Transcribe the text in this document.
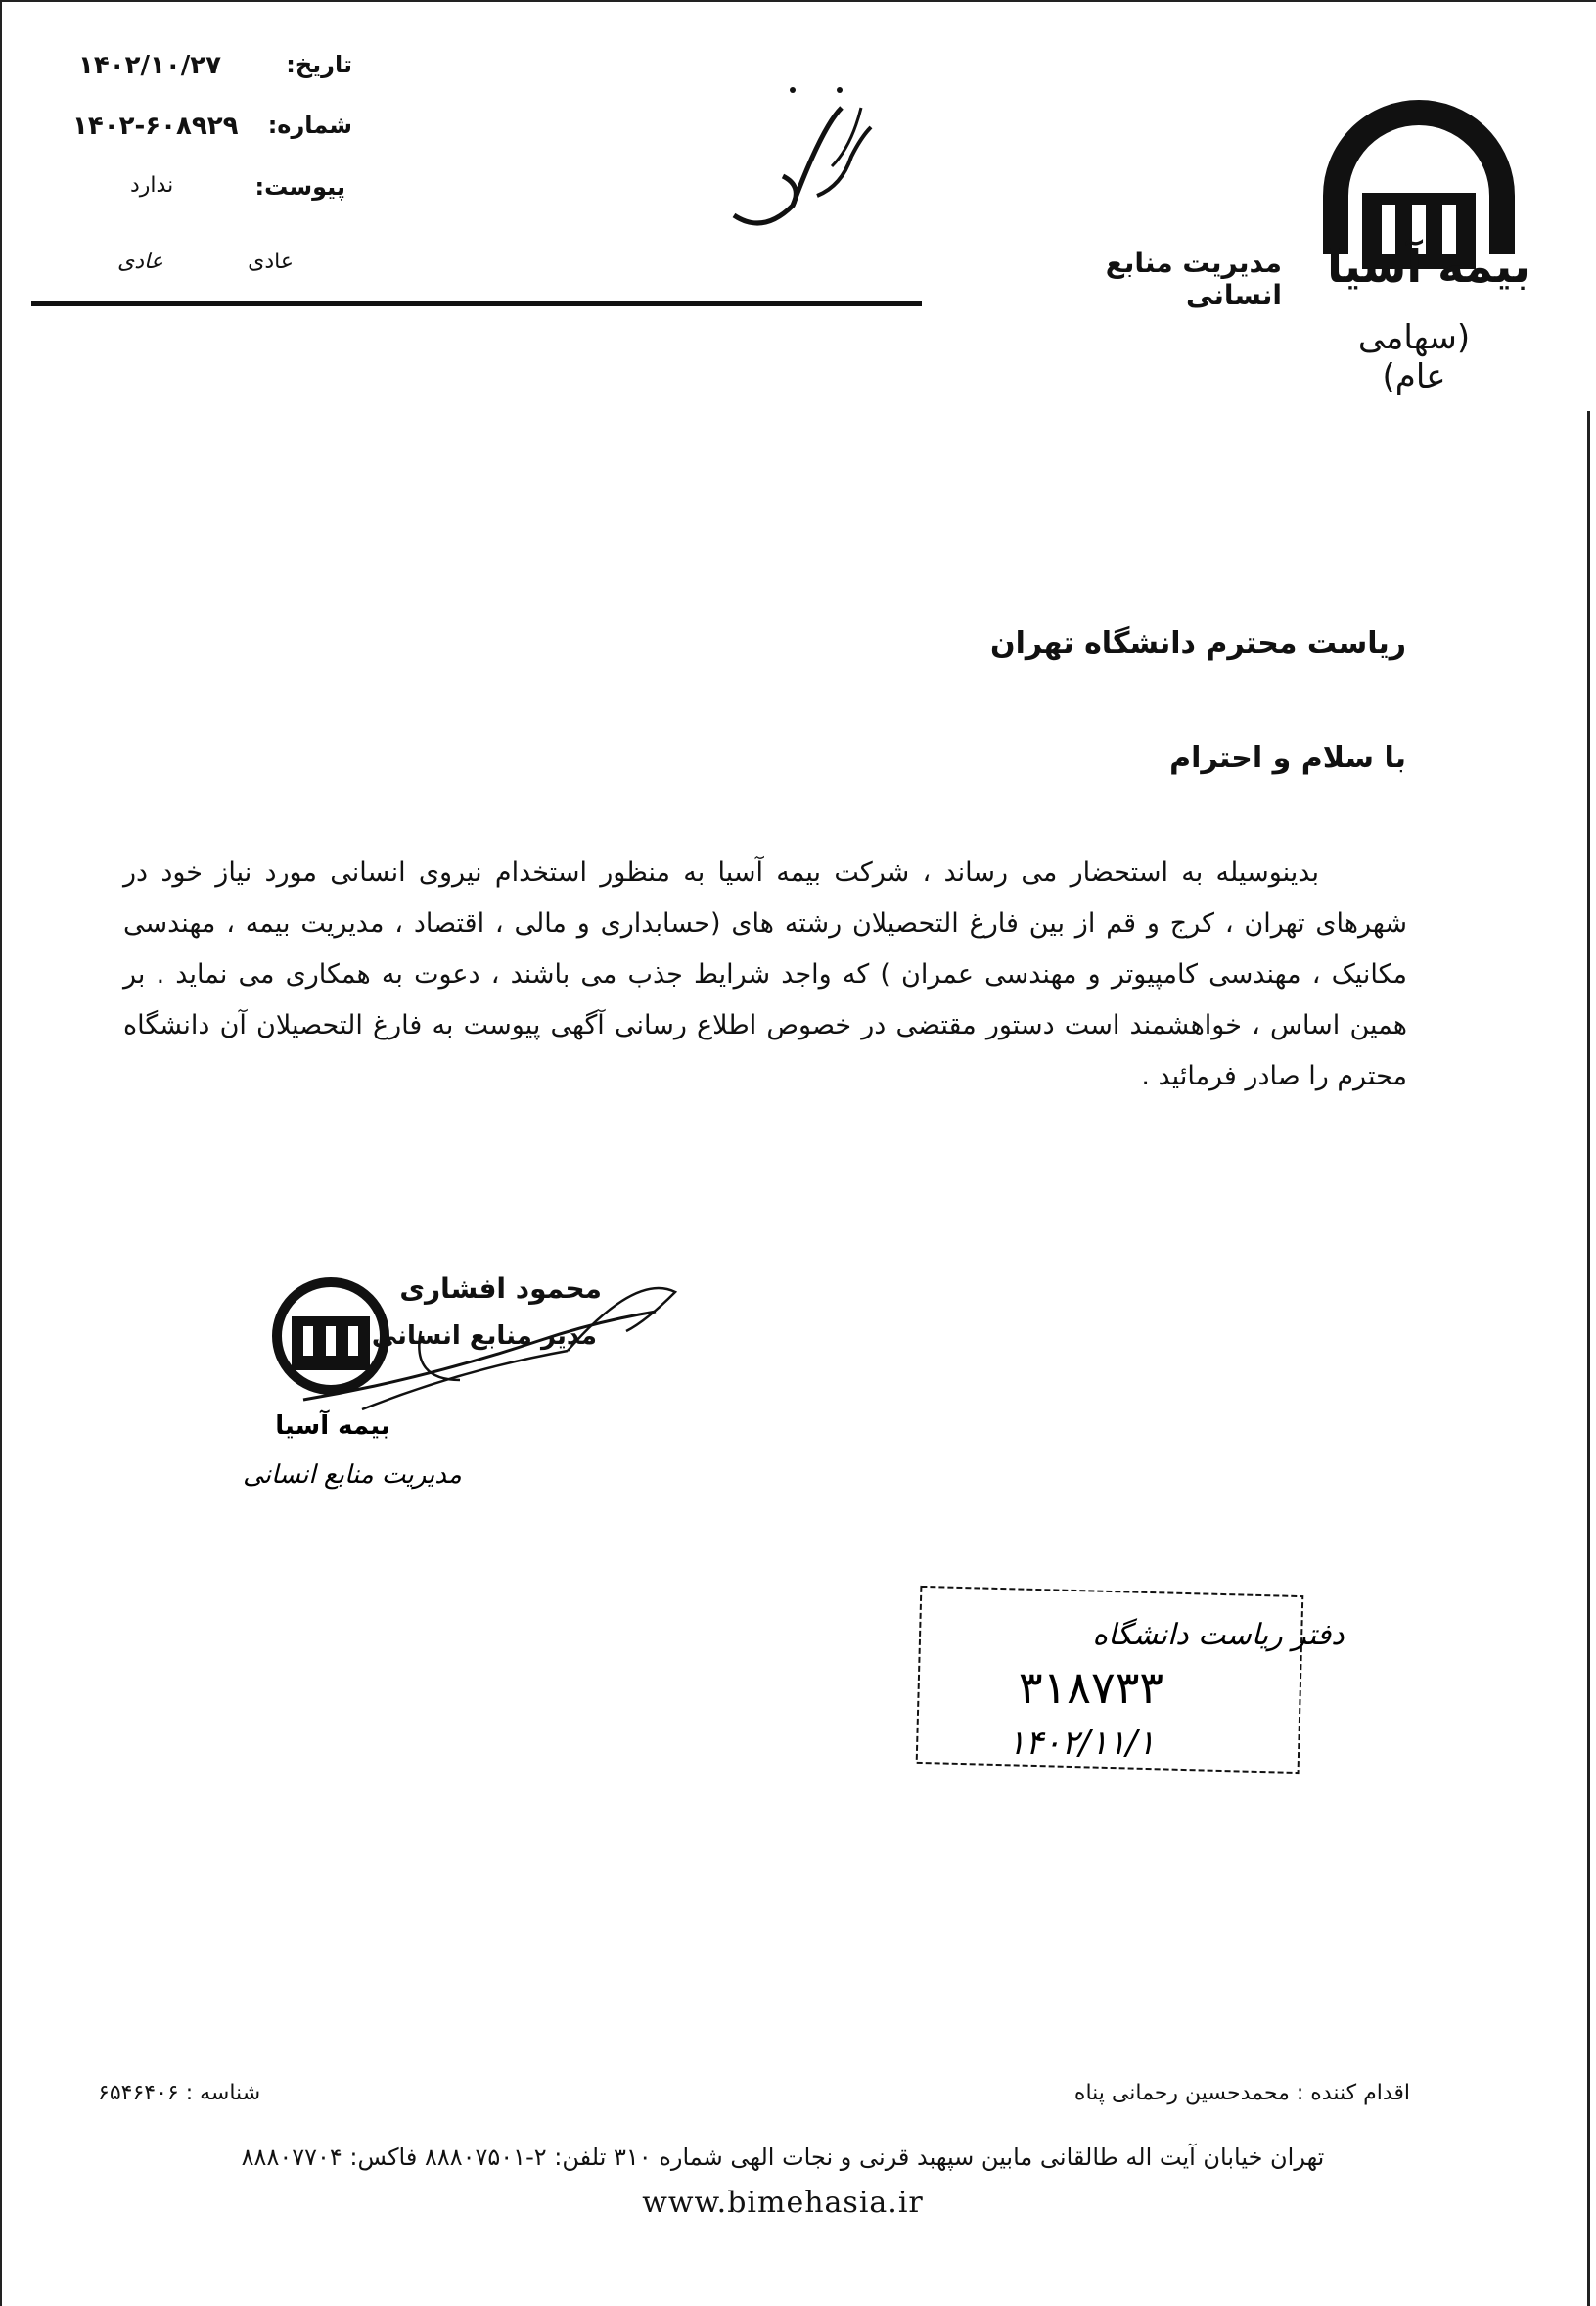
تاریخ:
۱۴۰۲/۱۰/۲۷
شماره:
۱۴۰۲-۶۰۸۹۲۹
پیوست:
ندارد
عادی
عادی	مدیریت منابع انسانی
بیمه آسیا
(سهامی عام)
ریاست محترم دانشگاه تهران
با سلام و احترام

بدینوسیله به استحضار می رساند ، شرکت بیمه آسیا به منظور استخدام نیروی انسانی مورد نیاز خود در شهرهای تهران ، کرج و قم از بین فارغ التحصیلان رشته های (حسابداری و مالی ، اقتصاد ، مدیریت بیمه ، مهندسی مکانیک ، مهندسی کامپیوتر و مهندسی عمران ) که واجد شرایط جذب می باشند ، دعوت به همکاری می نماید . بر همین اساس ، خواهشمند است دستور مقتضی در خصوص اطلاع رسانی آگهی پیوست به فارغ التحصیلان آن دانشگاه محترم را صادر فرمائید .

بیمه آسیا
مدیریت منابع انسانی
محمود افشاری
مدیر منابع انسانی
دفتر ریاست دانشگاه
۳۱۸۷۳۳
۱۴۰۲/۱۱/۱
اقدام کننده : محمدحسین رحمانی پناه
شناسه : ۶۵۴۶۴۰۶
تهران خیابان آیت اله طالقانی مابین سپهبد قرنی و نجات الهی شماره ۳۱۰ تلفن: ۲-۸۸۸۰۷۵۰۱ فاکس: ۸۸۸۰۷۷۰۴
www.bimehasia.ir
